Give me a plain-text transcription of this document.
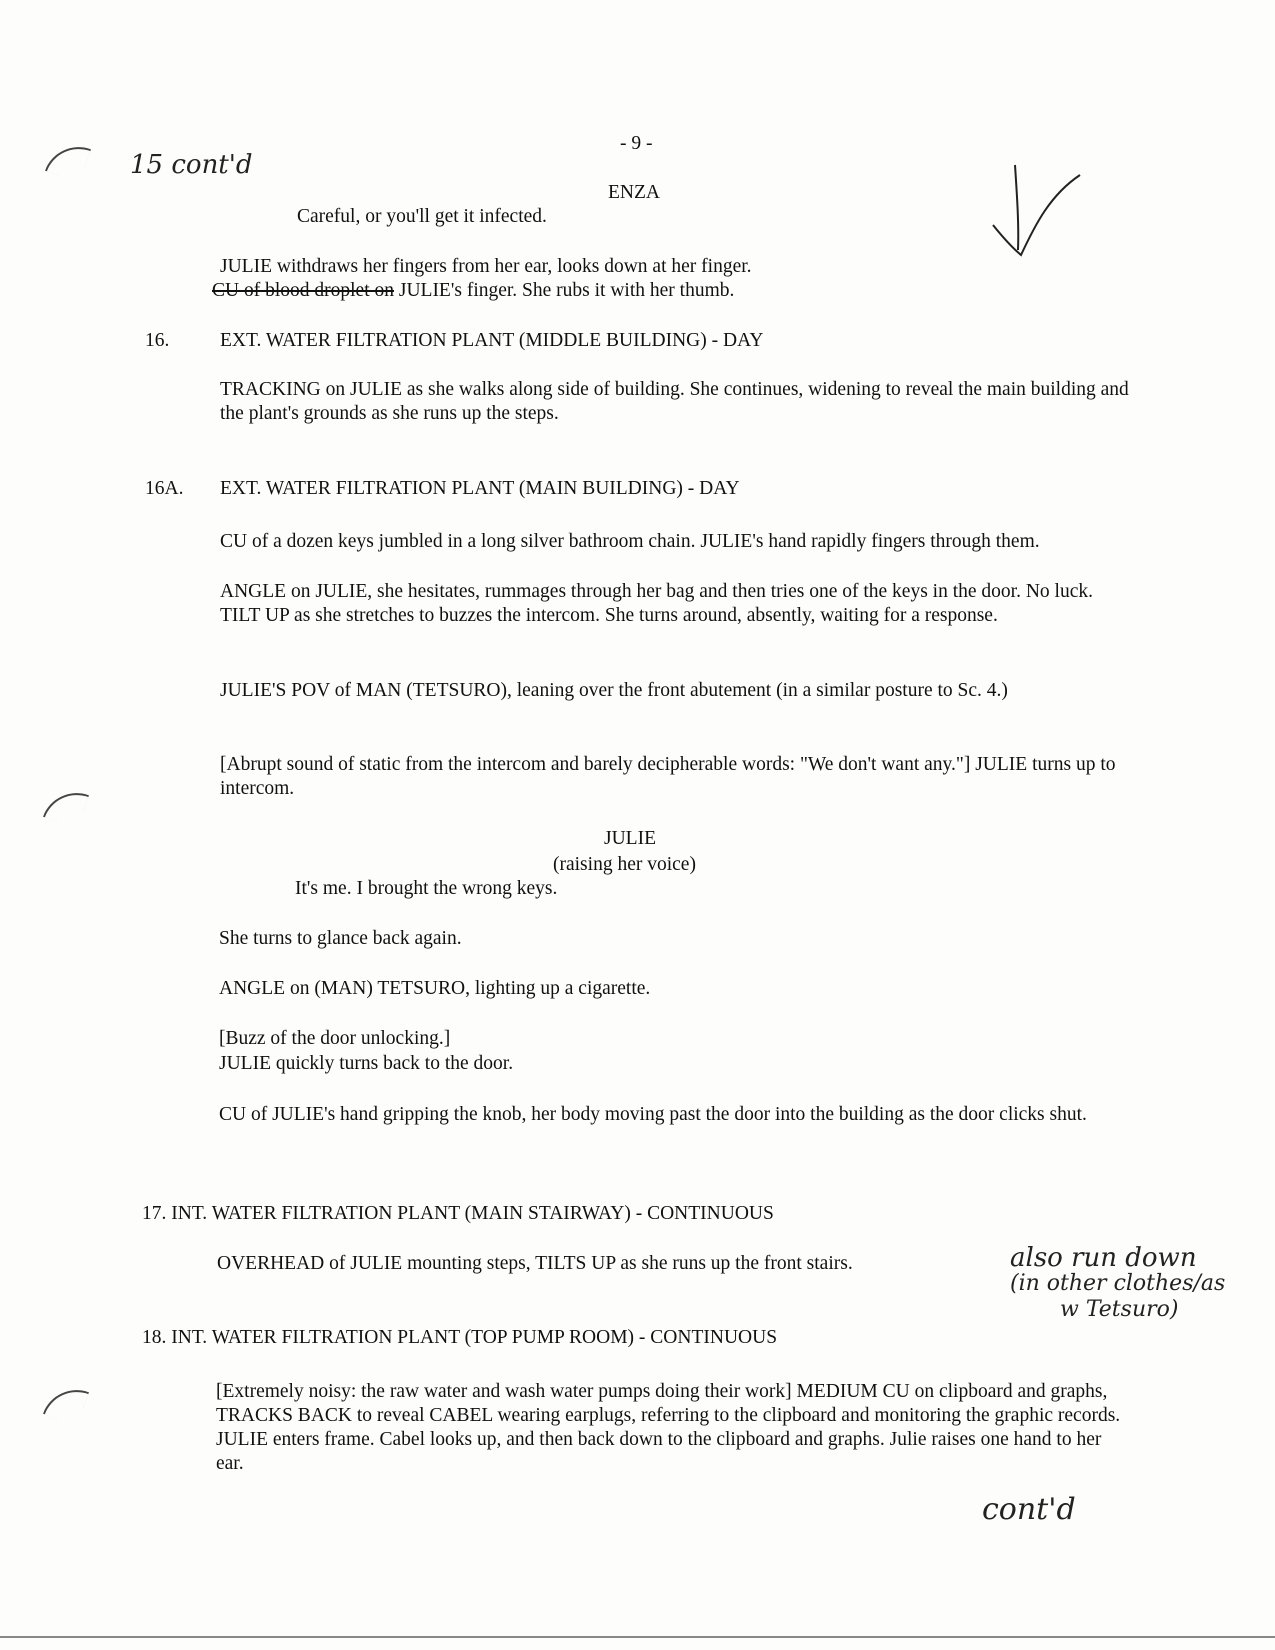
- 9 -
15 cont'd
ENZA
Careful, or you'll get it infected.
JULIE withdraws her fingers from her ear, looks down at her finger.
CU of blood droplet on JULIE's finger. She rubs it with her thumb.
16.	EXT. WATER FILTRATION PLANT (MIDDLE BUILDING) - DAY
TRACKING on JULIE as she walks along side of building. She continues, widening to reveal the main building and the plant's grounds as she runs up the steps.
16A. EXT. WATER FILTRATION PLANT (MAIN BUILDING) - DAY
CU of a dozen keys jumbled in a long silver bathroom chain. JULIE's hand rapidly fingers through them.
ANGLE on JULIE, she hesitates, rummages through her bag and then tries one of the keys in the door. No luck. TILT UP as she stretches to buzzes the intercom. She turns around, absently, waiting for a response.
JULIE'S POV of MAN (TETSURO), leaning over the front abutement (in a similar posture to Sc. 4.)
[Abrupt sound of static from the intercom and barely decipherable words: "We don't want any."] JULIE turns up to intercom.
JULIE
(raising her voice)
It's me. I brought the wrong keys.
She turns to glance back again.
ANGLE on (MAN) TETSURO, lighting up a cigarette.
[Buzz of the door unlocking.]
JULIE quickly turns back to the door.
CU of JULIE's hand gripping the knob, her body moving past the door into the building as the door clicks shut.
17. INT. WATER FILTRATION PLANT (MAIN STAIRWAY) - CONTINUOUS
OVERHEAD of JULIE mounting steps, TILTS UP as she runs up the front stairs.	also run down
(in other clothes/as
w Tetsuro)
18. INT. WATER FILTRATION PLANT (TOP PUMP ROOM) - CONTINUOUS
[Extremely noisy: the raw water and wash water pumps doing their work] MEDIUM CU on clipboard and graphs, TRACKS BACK to reveal CABEL wearing earplugs, referring to the clipboard and monitoring the graphic records. JULIE enters frame. Cabel looks up, and then back down to the clipboard and graphs. Julie raises one hand to her ear.
cont'd
